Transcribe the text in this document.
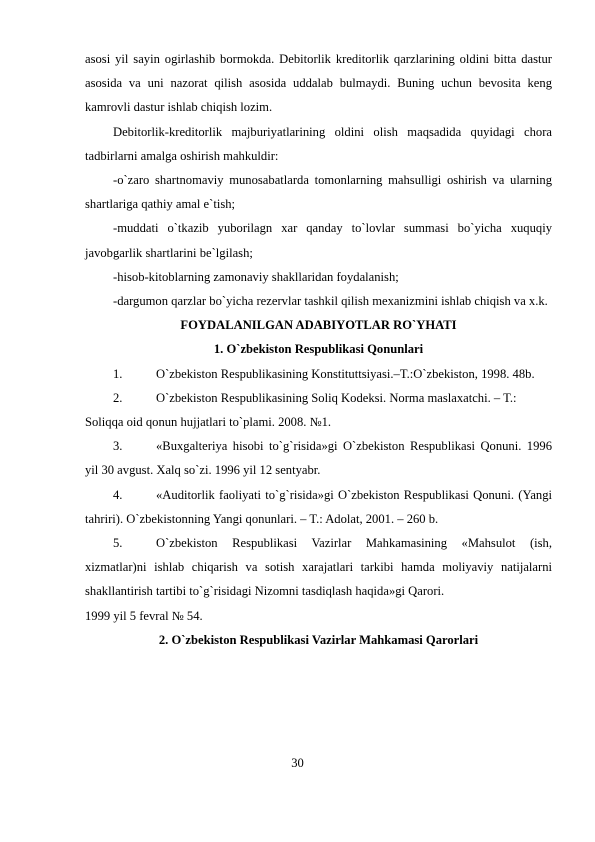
asosi yil sayin ogirlashib bormokda. Debitorlik kreditorlik qarzlarining oldini bitta dastur asosida va uni nazorat qilish asosida uddalab bulmaydi. Buning uchun bevosita keng kamrovli dastur ishlab chiqish lozim.

Debitorlik-kreditorlik majburiyatlarining oldini olish maqsadida quyidagi chora tadbirlarni amalga oshirish mahkuldir:

-o`zaro shartnomaviy munosabatlarda tomonlarning mahsulligi oshirish va ularning shartlariga qathiy amal e`tish;

-muddati o`tkazib yuborilagn xar qanday to`lovlar summasi bo`yicha xuquqiy javobgarlik shartlarini be`lgilash;

-hisob-kitoblarning zamonaviy shakllaridan foydalanish;

-dargumon qarzlar bo`yicha rezervlar tashkil qilish mexanizmini ishlab chiqish va x.k.

FOYDALANILGAN ADABIYOTLAR RO`YHATI

1. O`zbekiston Respublikasi Qonunlari

1.	O`zbekiston Respublikasining Konstituttsiyasi.–T.:O`zbekiston, 1998. 48b.

2.	O`zbekiston Respublikasining Soliq Kodeksi. Norma maslaxatchi. – T.:

Soliqqa oid qonun hujjatlari to`plami. 2008. №1.

3.	«Buxgalteriya hisobi to`g`risida»gi O`zbekiston Respublikasi Qonuni. 1996 yil 30 avgust. Xalq so`zi. 1996 yil 12 sentyabr.

4.	«Auditorlik faoliyati to`g`risida»gi O`zbekiston Respublikasi Qonuni. (Yangi tahriri). O`zbekistonning Yangi qonunlari. – T.: Adolat, 2001. – 260 b.

5.	O`zbekiston Respublikasi Vazirlar Mahkamasining «Mahsulot (ish, xizmatlar)ni ishlab chiqarish va sotish xarajatlari tarkibi hamda moliyaviy natijalarni shakllantirish tartibi to`g`risidagi Nizomni tasdiqlash haqida»gi Qarori.

1999 yil 5 fevral № 54.

2. O`zbekiston Respublikasi Vazirlar Mahkamasi Qarorlari

30
